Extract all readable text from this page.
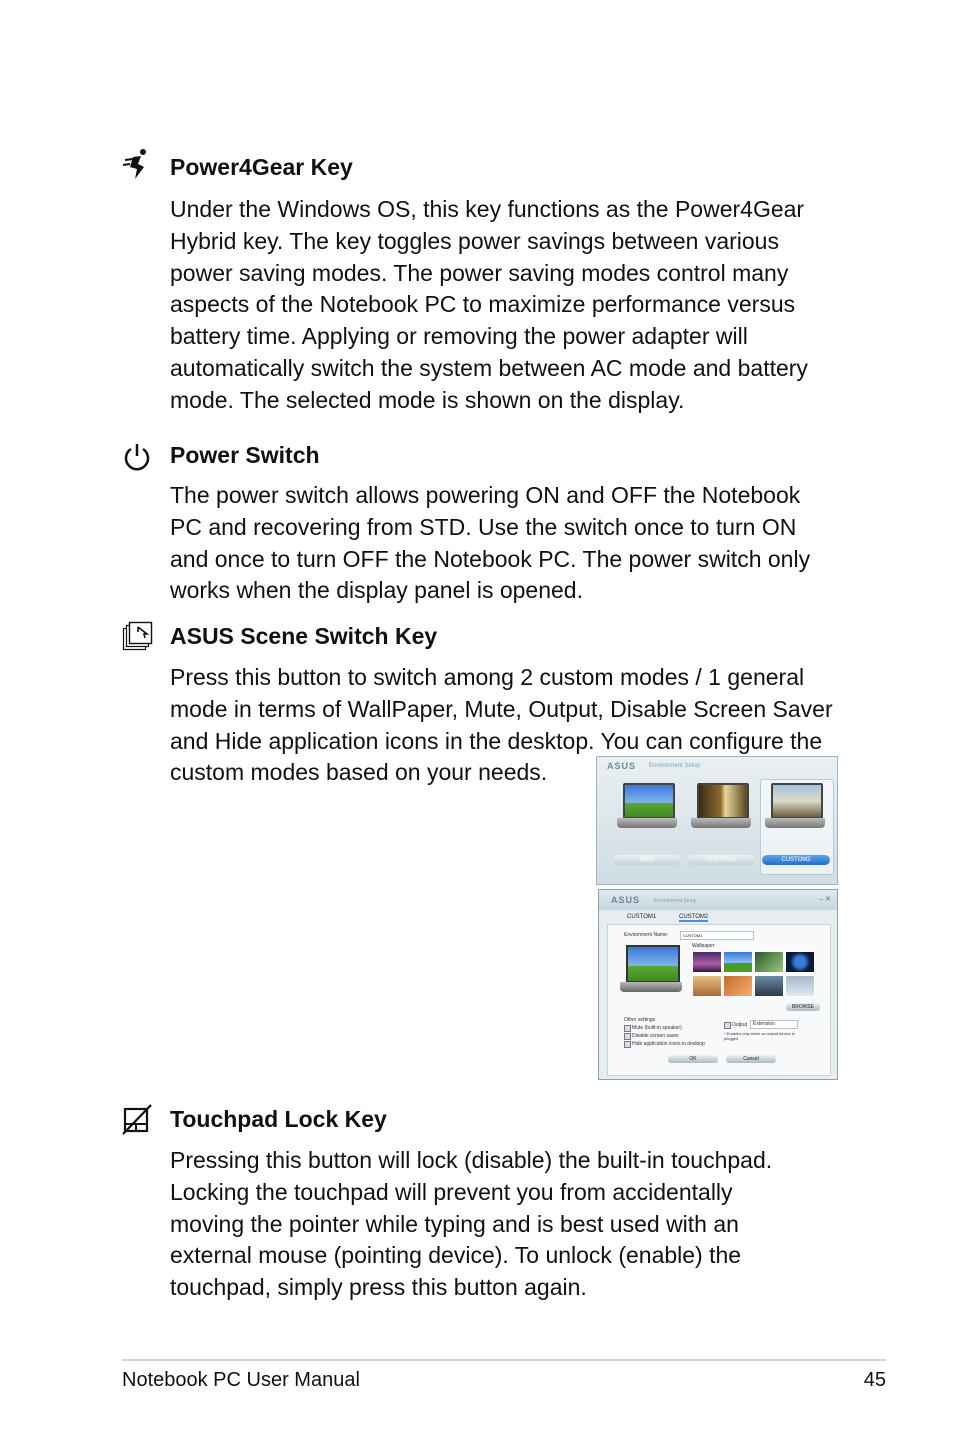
Power4Gear Key
Under the Windows OS, this key functions as the Power4Gear
Hybrid key. The key toggles power savings between various
power saving modes. The power saving modes control many
aspects of the Notebook PC to maximize performance versus
battery time. Applying or removing the power adapter will
automatically switch the system between AC mode and battery
mode. The selected mode is shown on the display.
Power Switch
The power switch allows powering ON and OFF the Notebook
PC and recovering from STD. Use the switch once to turn ON
and once to turn OFF the Notebook PC. The power switch only
works when the display panel is opened.
ASUS Scene Switch Key
Press this button to switch among 2 custom modes / 1 general
mode in terms of WallPaper, Mute, Output, Disable Screen Saver
and Hide application icons in the desktop. You can configure the
custom modes based on your needs.	ASUS Environment Setup
NOW	CUSTOM1	CUSTOM2
ASUS	Environment Setup	– ✕
CUSTOM1	CUSTOM2
Environment Name:	CUSTOM2
Wallpaper
BROWSE
Other settings
Mute (built-in speaker)
Disable screen saver
Hide application icons in desktop
Output	Extension
* Enables only when an output device is plugged
OK	Cancel
Touchpad Lock Key
Pressing this button will lock (disable) the built-in touchpad.
Locking the touchpad will prevent you from accidentally
moving the pointer while typing and is best used with an
external mouse (pointing device). To unlock (enable) the
touchpad, simply press this button again.
Notebook PC User Manual	45
